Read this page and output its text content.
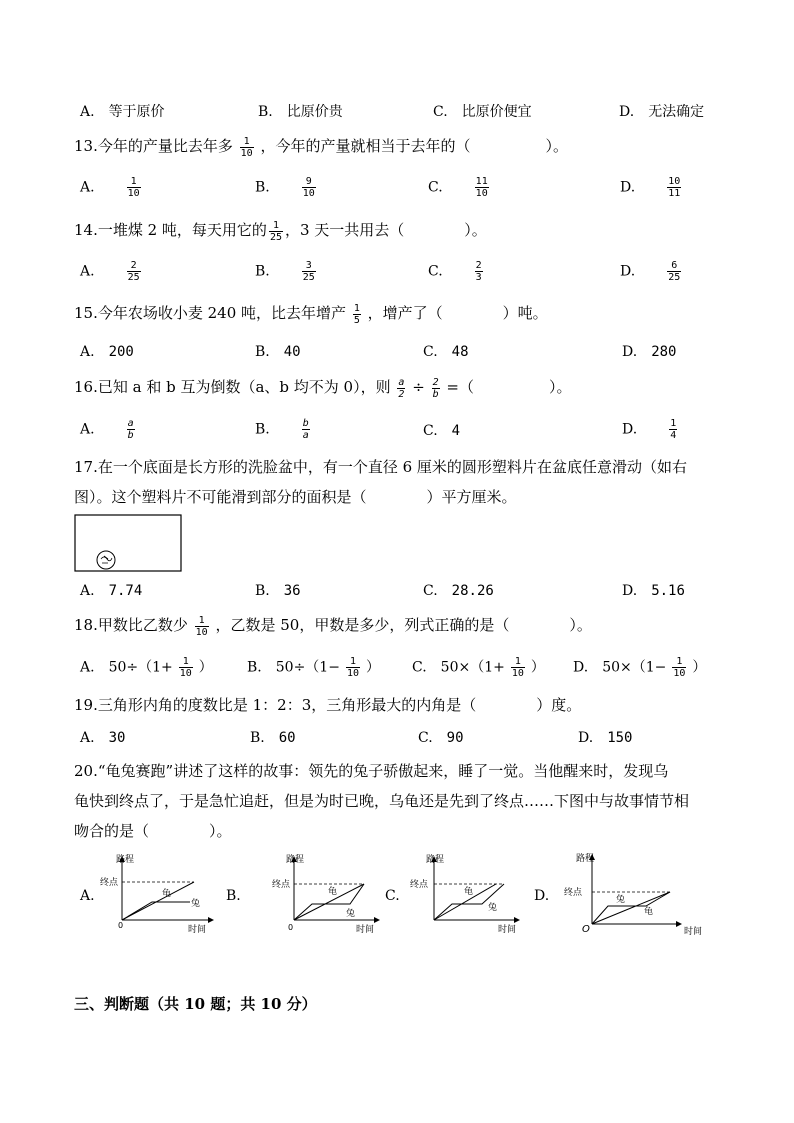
A.　 等于原价	B.　 比原价贵	C.　 比原价便宜	D.　 无法确定
13.今年的产量比去年多 $\frac{1}{10}$ ，今年的产量就相当于去年的（　　　　　）。
A.　	$\frac{1}{10}$	B.　	$\frac{9}{10}$	C.　	$\frac{11}{10}$	D.　	$\frac{10}{11}$
14.一堆煤 2 吨，每天用它的 $\frac{1}{25}$ ，3 天一共用去（　　　　）。
A.　	$\frac{2}{25}$	B.　	$\frac{3}{25}$	C.　	$\frac{2}{3}$	D.　	$\frac{6}{25}$
15.今年农场收小麦 240 吨，比去年增产 $\frac{1}{5}$ ，增产了（　　　　）吨。
A.　 200	B.　 40	C.　 48	D.　 280
16.已知 a 和 b 互为倒数（a、b 均不为 0），则 $\frac{a}{2} \div \frac{2}{b}$ =（　　　　　）。
A.　	$\frac{a}{b}$	B.　	$\frac{b}{a}$	C.　 4	D.　	$\frac{1}{4}$
17.在一个底面是长方形的洗脸盆中，有一个直径 6 厘米的圆形塑料片在盆底任意滑动（如右
图）。这个塑料片不可能滑到部分的面积是（　　　　）平方厘米。
A.　 7.74	B.　 36	C.　 28.26	D.　 5.16
18.甲数比乙数少 $\frac{1}{10}$ ，乙数是 50，甲数是多少，列式正确的是（　　　　）。
A.　 $50\div(1+ \frac{1}{10}$ ） B.　 $50\div(1- \frac{1}{10}$ ） C.　 $50\times(1+ \frac{1}{10}$ ） D.　 $50\times(1- \frac{1}{10}$ ）
19.三角形内角的度数比是 1：2：3，三角形最大的内角是（　　　　）度。
A.　 30	B.　 60	C.　 90	D.　 150
20.“龟兔赛跑”讲述了这样的故事：领先的兔子骄傲起来，睡了一觉。当他醒来时，发现乌
龟快到终点了，于是急忙追赶，但是为时已晚，乌龟还是先到了终点……下图中与故事情节相
吻合的是（　　　　）。
A.
路程
时间
终点
龟
兔
0
B.
路程
时间
终点
龟
兔
0
C.
路程
时间
终点
龟
兔
D.
路程
时间
终点
兔
龟
O
三、判断题（共 10 题；共 10 分）
